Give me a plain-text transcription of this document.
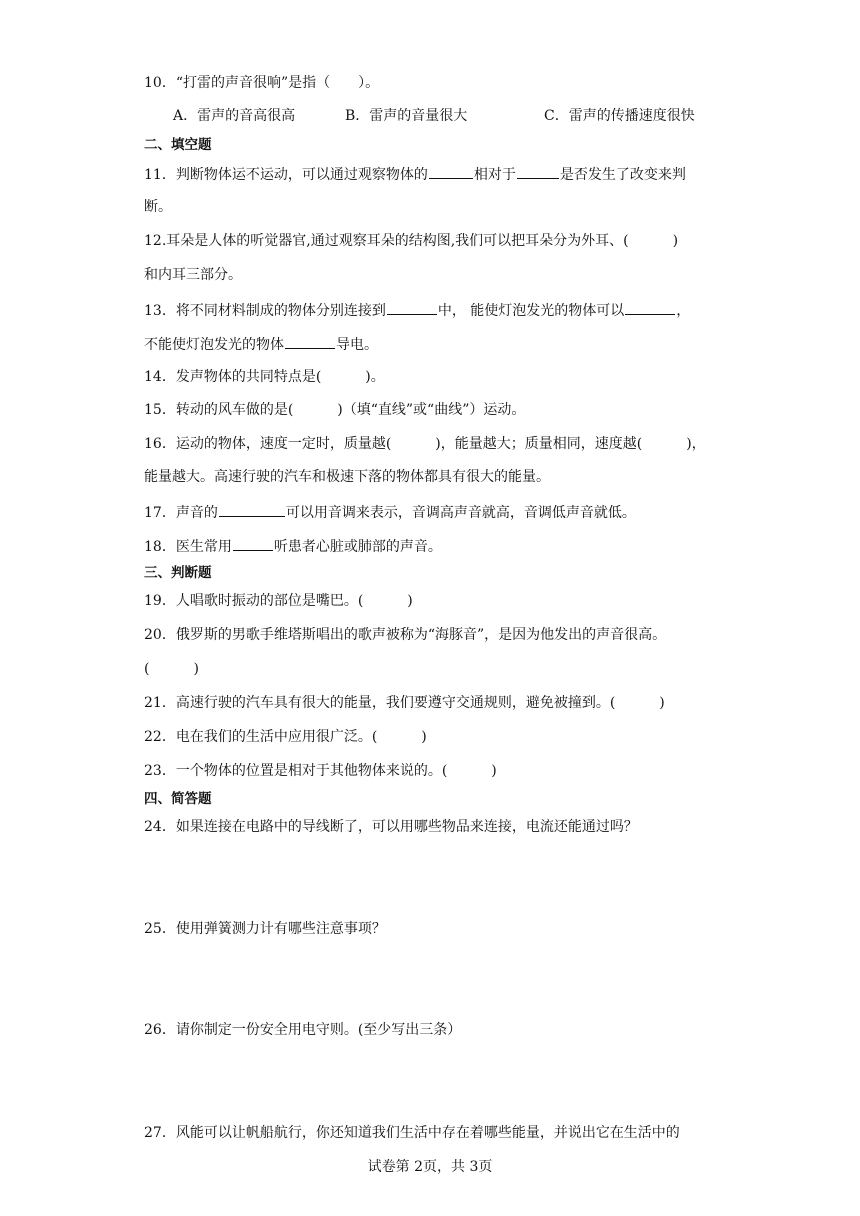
10．“打雷的声音很响”是指（　　）。
A．雷声的音高很高	B．雷声的音量很大	C．雷声的传播速度很快
二、填空题
11．判断物体运不运动，可以通过观察物体的	相对于	是否发生了改变来判
断。
12.耳朵是人体的听觉器官,通过观察耳朵的结构图,我们可以把耳朵分为外耳、(	)
和内耳三部分。
13．将不同材料制成的物体分别连接到	中， 能使灯泡发光的物体可以	，
不能使灯泡发光的物体	导电。
14．发声物体的共同特点是(	)。
15．转动的风车做的是(	)（填“直线”或“曲线”）运动。
16．运动的物体，速度一定时，质量越(	)，能量越大；质量相同，速度越(	)，
能量越大。高速行驶的汽车和极速下落的物体都具有很大的能量。
17．声音的	可以用音调来表示，音调高声音就高，音调低声音就低。
18．医生常用	听患者心脏或肺部的声音。
三、判断题
19．人唱歌时振动的部位是嘴巴。(	)
20．俄罗斯的男歌手维塔斯唱出的歌声被称为“海豚音”，是因为他发出的声音很高。
(	)
21．高速行驶的汽车具有很大的能量，我们要遵守交通规则，避免被撞到。(	)
22．电在我们的生活中应用很广泛。(	)
23．一个物体的位置是相对于其他物体来说的。(	)
四、简答题
24．如果连接在电路中的导线断了，可以用哪些物品来连接，电流还能通过吗？
25．使用弹簧测力计有哪些注意事项？
26．请你制定一份安全用电守则。(至少写出三条）
27．风能可以让帆船航行，你还知道我们生活中存在着哪些能量，并说出它在生活中的
试卷第 2页，共 3页
